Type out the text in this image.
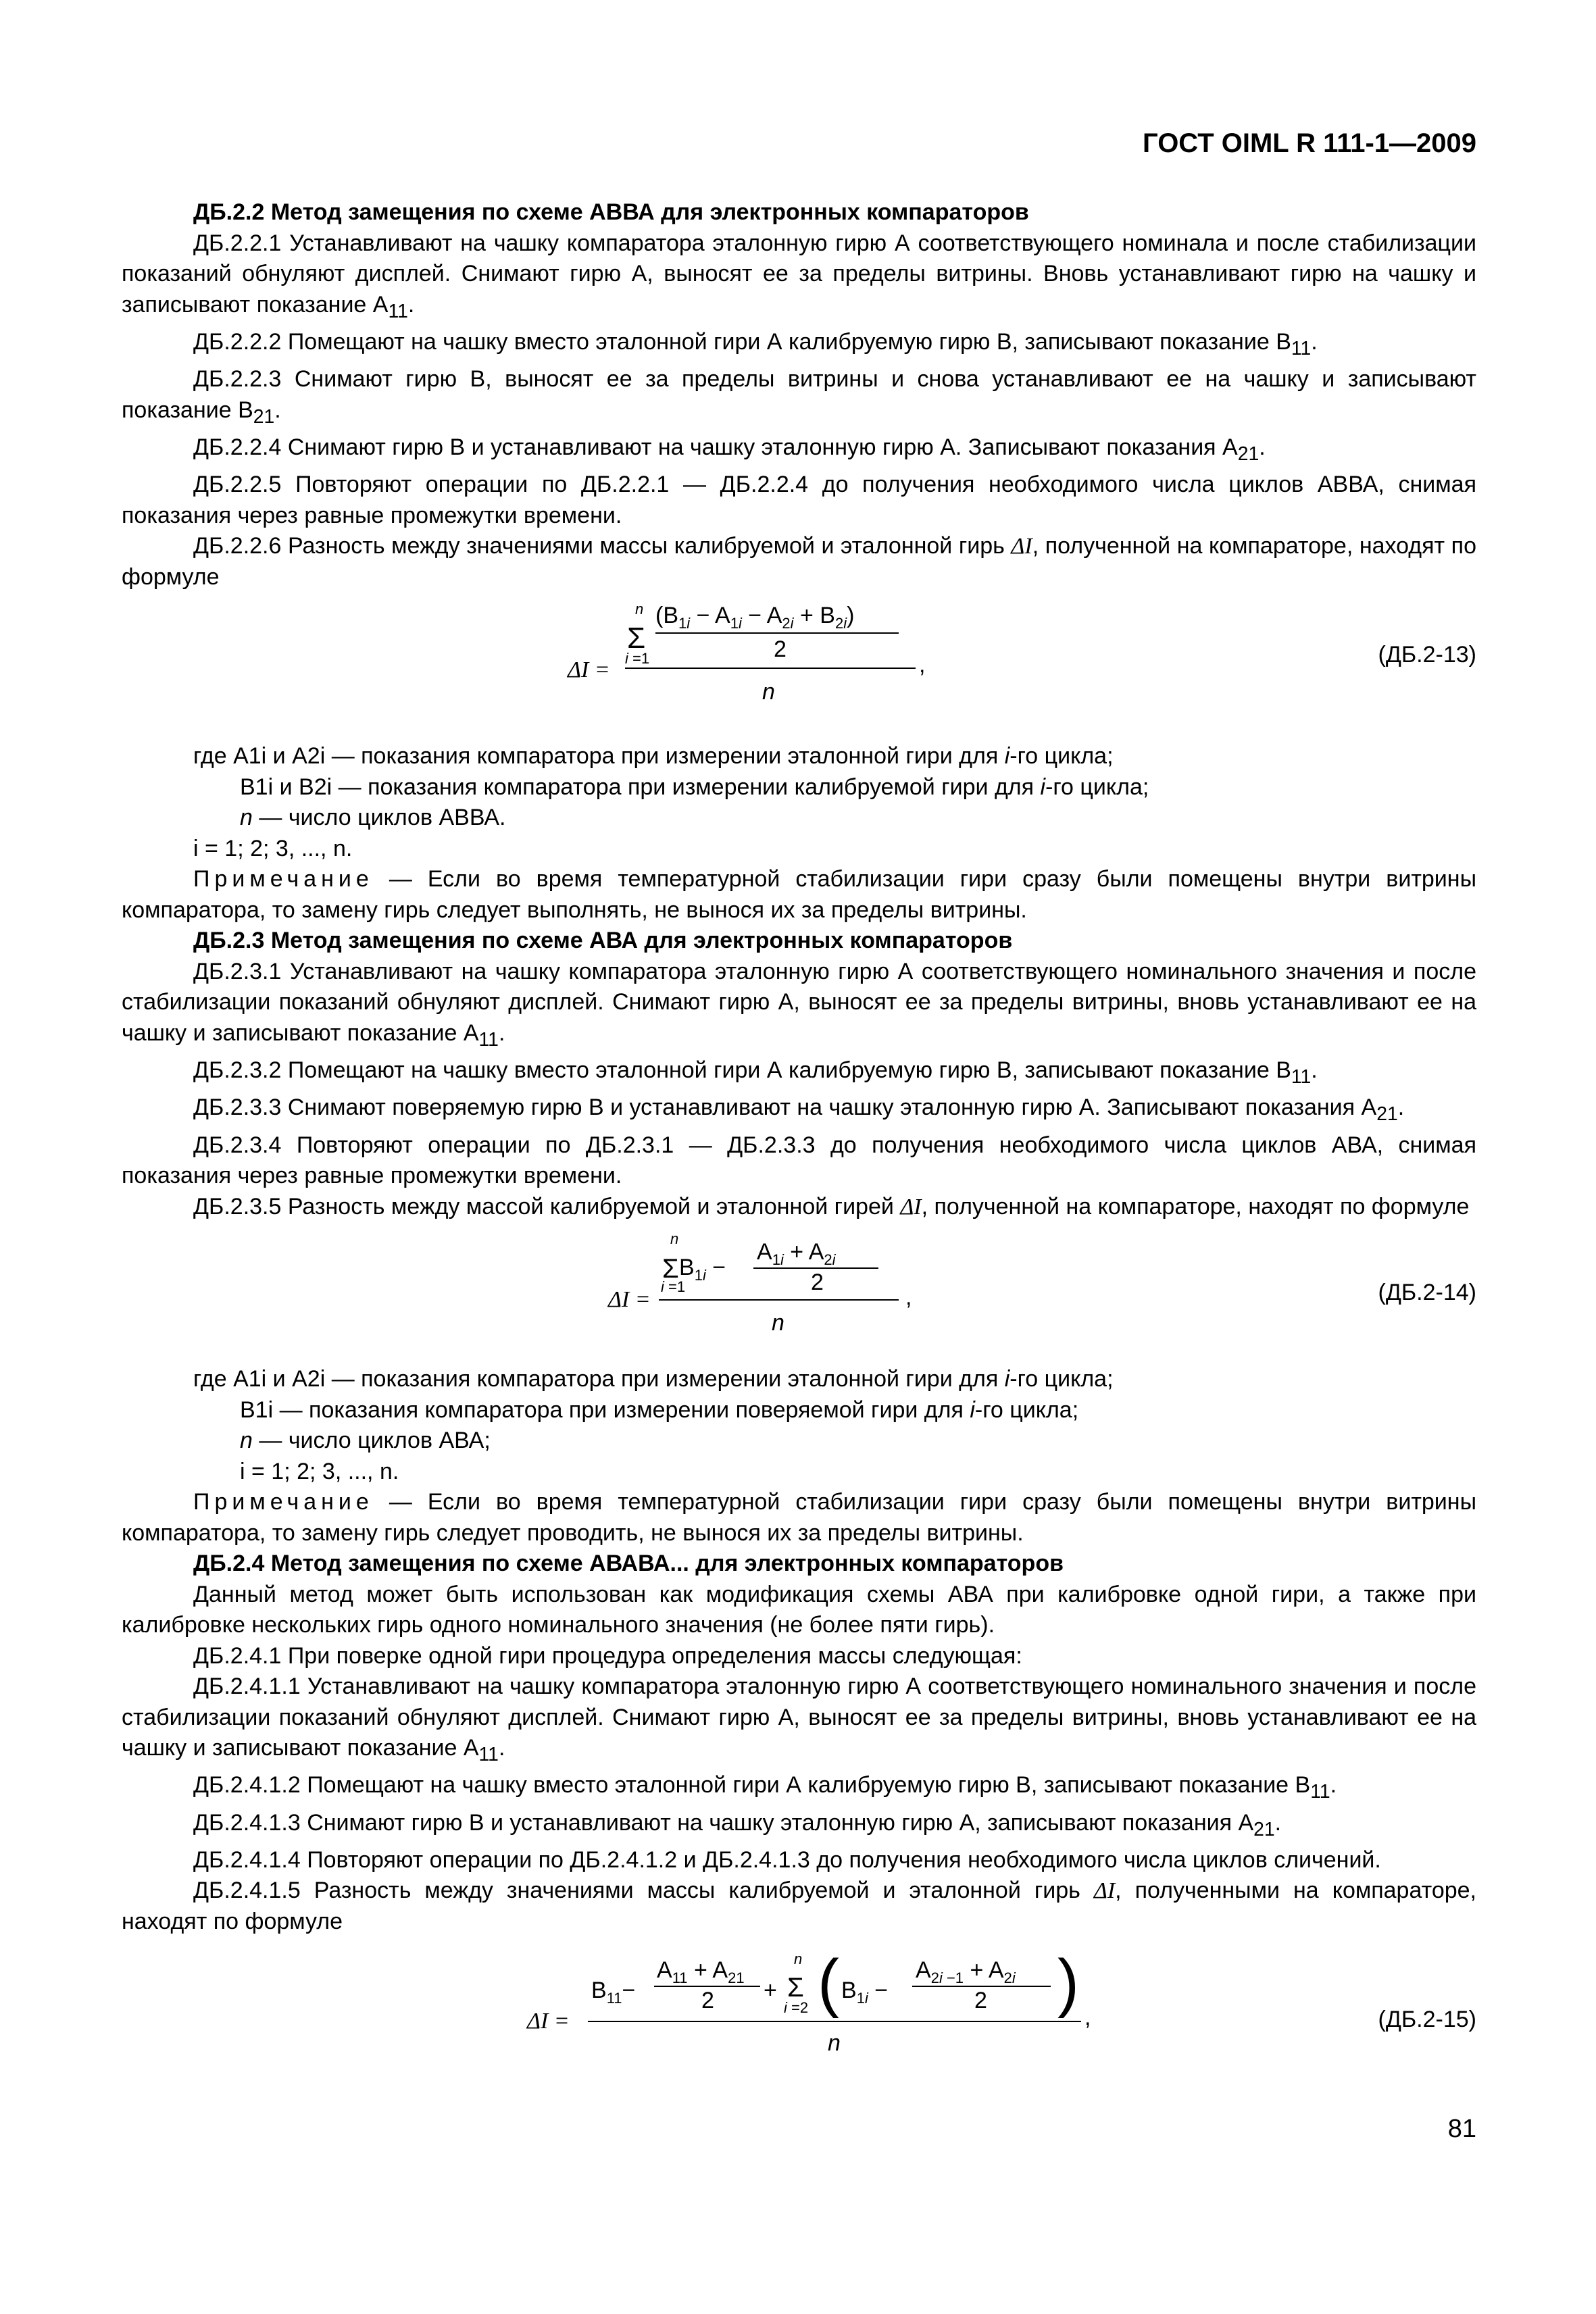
ГОСТ OIML R 111-1—2009

ДБ.2.2 Метод замещения по схеме АВВА для электронных компараторов

ДБ.2.2.1 Устанавливают на чашку компаратора эталонную гирю А соответствующего номинала и после стабилизации показаний обнуляют дисплей. Снимают гирю А, выносят ее за пределы витрины. Вновь устанавливают гирю на чашку и записывают показание $А_{11}$.

ДБ.2.2.2 Помещают на чашку вместо эталонной гири А калибруемую гирю В, записывают показание $В_{11}$.

ДБ.2.2.3 Снимают гирю В, выносят ее за пределы витрины и снова устанавливают ее на чашку и записывают показание $В_{21}$.

ДБ.2.2.4 Снимают гирю В и устанавливают на чашку эталонную гирю А. Записывают показания $А_{21}$.

ДБ.2.2.5 Повторяют операции по ДБ.2.2.1 — ДБ.2.2.4 до получения необходимого числа циклов АВВА, снимая показания через равные промежутки времени.

ДБ.2.2.6 Разность между значениями массы калибруемой и эталонной гирь ΔI, полученной на компараторе, находят по формуле

ΔI =
n
Σ
i =1
$(B_{1i} - A_{1i} - A_{2i} + B_{2i})$
2
n
,	(ДБ.2-13)

где A1i и A2i — показания компаратора при измерении эталонной гири для i-го цикла;

B1i и B2i — показания компаратора при измерении калибруемой гири для i-го цикла;

n — число циклов АВВА.

i = 1; 2; 3, ..., n.

Примечание — Если во время температурной стабилизации гири сразу были помещены внутри витрины компаратора, то замену гирь следует выполнять, не вынося их за пределы витрины.

ДБ.2.3 Метод замещения по схеме АВА для электронных компараторов

ДБ.2.3.1 Устанавливают на чашку компаратора эталонную гирю А соответствующего номинального значения и после стабилизации показаний обнуляют дисплей. Снимают гирю А, выносят ее за пределы витрины, вновь устанавливают ее на чашку и записывают показание $А_{11}$.

ДБ.2.3.2 Помещают на чашку вместо эталонной гири А калибруемую гирю В, записывают показание $В_{11}$.

ДБ.2.3.3 Снимают поверяемую гирю В и устанавливают на чашку эталонную гирю А. Записывают показания $А_{21}$.

ДБ.2.3.4 Повторяют операции по ДБ.2.3.1 — ДБ.2.3.3 до получения необходимого числа циклов АВА, снимая показания через равные промежутки времени.

ДБ.2.3.5 Разность между массой калибруемой и эталонной гирей ΔI, полученной на компараторе, находят по формуле

ΔI =
n
Σ $B_{1i}$ −
i =1
$A_{1i} + A_{2i}$
2
n
,	(ДБ.2-14)

где A1i и A2i — показания компаратора при измерении эталонной гири для i-го цикла;

B1i — показания компаратора при измерении поверяемой гири для i-го цикла;

n — число циклов АВА;

i = 1; 2; 3, ..., n.

Примечание — Если во время температурной стабилизации гири сразу были помещены внутри витрины компаратора, то замену гирь следует проводить, не вынося их за пределы витрины.

ДБ.2.4 Метод замещения по схеме АВАВА... для электронных компараторов

Данный метод может быть использован как модификация схемы АВА при калибровке одной гири, а также при калибровке нескольких гирь одного номинального значения (не более пяти гирь).

ДБ.2.4.1 При поверке одной гири процедура определения массы следующая:

ДБ.2.4.1.1 Устанавливают на чашку компаратора эталонную гирю А соответствующего номинального значения и после стабилизации показаний обнуляют дисплей. Снимают гирю А, выносят ее за пределы витрины, вновь устанавливают ее на чашку и записывают показание $А_{11}$.

ДБ.2.4.1.2 Помещают на чашку вместо эталонной гири А калибруемую гирю В, записывают показание $В_{11}$.

ДБ.2.4.1.3 Снимают гирю В и устанавливают на чашку эталонную гирю А, записывают показания $А_{21}$.

ДБ.2.4.1.4 Повторяют операции по ДБ.2.4.1.2 и ДБ.2.4.1.3 до получения необходимого числа циклов сличений.

ДБ.2.4.1.5 Разность между значениями массы калибруемой и эталонной гирь ΔI, полученными на компараторе, находят по формуле

ΔI =
$B_{11}-$
$A_{11} + A_{21}$
2 +
n
Σ
i =2 ( $B_{1i}$ −
$A_{2i -1} + A_{2i}$
2 )
n
,	(ДБ.2-15)
81
